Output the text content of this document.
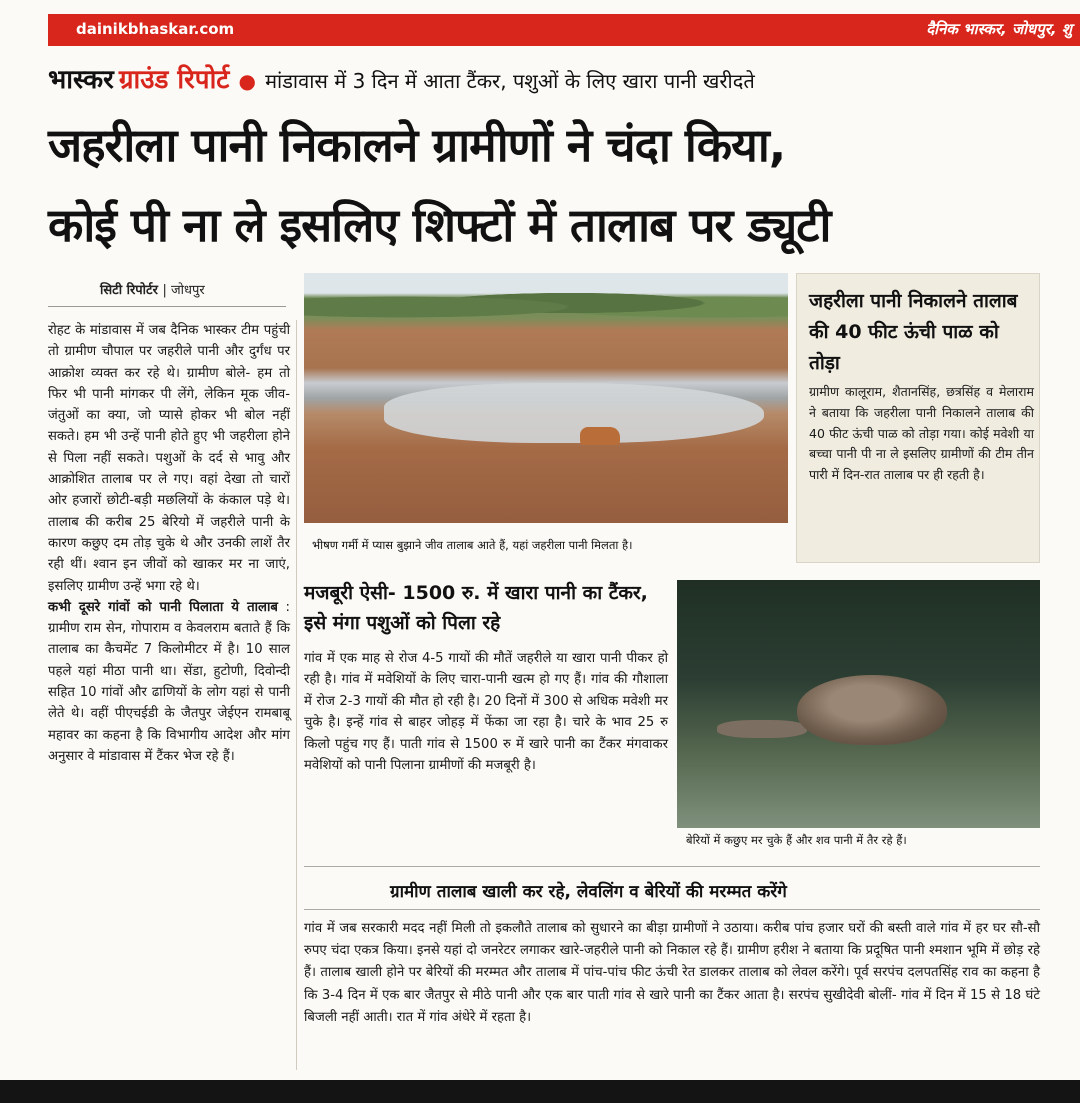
dainikbhaskar.com	दैनिक भास्कर, जोधपुर, शु
भास्कर ग्राउंड रिपोर्ट ● मांडावास में 3 दिन में आता टैंकर, पशुओं के लिए खारा पानी खरीदते
जहरीला पानी निकालने ग्रामीणों ने चंदा किया,
कोई पी ना ले इसलिए शिफ्टों में तालाब पर ड्यूटी
सिटी रिपोर्टर | जोधपुर

रोहट के मांडावास में जब दैनिक भास्कर टीम पहुंची तो ग्रामीण चौपाल पर जहरीले पानी और दुर्गंध पर आक्रोश व्यक्त कर रहे थे। ग्रामीण बोले- हम तो फिर भी पानी मांगकर पी लेंगे, लेकिन मूक जीव-जंतुओं का क्या, जो प्यासे होकर भी बोल नहीं सकते। हम भी उन्हें पानी होते हुए भी जहरीला होने से पिला नहीं सकते। पशुओं के दर्द से भावु और आक्रोशित तालाब पर ले गए। वहां देखा तो चारों ओर हजारों छोटी-बड़ी मछलियों के कंकाल पड़े थे। तालाब की करीब 25 बेरियो में जहरीले पानी के कारण कछुए दम तोड़ चुके थे और उनकी लाशें तैर रही थीं। श्वान इन जीवों को खाकर मर ना जाएं, इसलिए ग्रामीण उन्हें भगा रहे थे।

कभी दूसरे गांवों को पानी पिलाता ये तालाब : ग्रामीण राम सेन, गोपाराम व केवलराम बताते हैं कि तालाब का कैचमेंट 7 किलोमीटर में है। 10 साल पहले यहां मीठा पानी था। सेंडा, हुटोणी, दिवोन्दी सहित 10 गांवों और ढाणियों के लोग यहां से पानी लेते थे। वहीं पीएचईडी के जैतपुर जेईएन रामबाबू महावर का कहना है कि विभागीय आदेश और मांग अनुसार वे मांडावास में टैंकर भेज रहे हैं।

भीषण गर्मी में प्यास बुझाने जीव तालाब आते हैं, यहां जहरीला पानी मिलता है।
जहरीला पानी निकालने तालाब की 40 फीट ऊंची पाळ को तोड़ा
ग्रामीण कालूराम, शैतानसिंह, छत्रसिंह व मेलाराम ने बताया कि जहरीला पानी निकालने तालाब की 40 फीट ऊंची पाळ को तोड़ा गया। कोई मवेशी या बच्चा पानी पी ना ले इसलिए ग्रामीणों की टीम तीन पारी में दिन-रात तालाब पर ही रहती है।
मजबूरी ऐसी- 1500 रु. में खारा पानी का टैंकर, इसे मंगा पशुओं को पिला रहे
गांव में एक माह से रोज 4-5 गायों की मौतें जहरीले या खारा पानी पीकर हो रही है। गांव में मवेशियों के लिए चारा-पानी खत्म हो गए हैं। गांव की गौशाला में रोज 2-3 गायों की मौत हो रही है। 20 दिनों में 300 से अधिक मवेशी मर चुके है। इन्हें गांव से बाहर जोहड़ में फेंका जा रहा है। चारे के भाव 25 रु किलो पहुंच गए हैं। पाती गांव से 1500 रु में खारे पानी का टैंकर मंगवाकर मवेशियों को पानी पिलाना ग्रामीणों की मजबूरी है।
बेरियों में कछुए मर चुके हैं और शव पानी में तैर रहे हैं।
ग्रामीण तालाब खाली कर रहे, लेवलिंग व बेरियों की मरम्मत करेंगे
गांव में जब सरकारी मदद नहीं मिली तो इकलौते तालाब को सुधारने का बीड़ा ग्रामीणों ने उठाया। करीब पांच हजार घरों की बस्ती वाले गांव में हर घर सौ-सौ रुपए चंदा एकत्र किया। इनसे यहां दो जनरेटर लगाकर खारे-जहरीले पानी को निकाल रहे हैं। ग्रामीण हरीश ने बताया कि प्रदूषित पानी श्मशान भूमि में छोड़ रहे हैं। तालाब खाली होने पर बेरियों की मरम्मत और तालाब में पांच-पांच फीट ऊंची रेत डालकर तालाब को लेवल करेंगे। पूर्व सरपंच दलपतसिंह राव का कहना है कि 3-4 दिन में एक बार जैतपुर से मीठे पानी और एक बार पाती गांव से खारे पानी का टैंकर आता है। सरपंच सुखीदेवी बोलीं- गांव में दिन में 15 से 18 घंटे बिजली नहीं आती। रात में गांव अंधेरे में रहता है।
